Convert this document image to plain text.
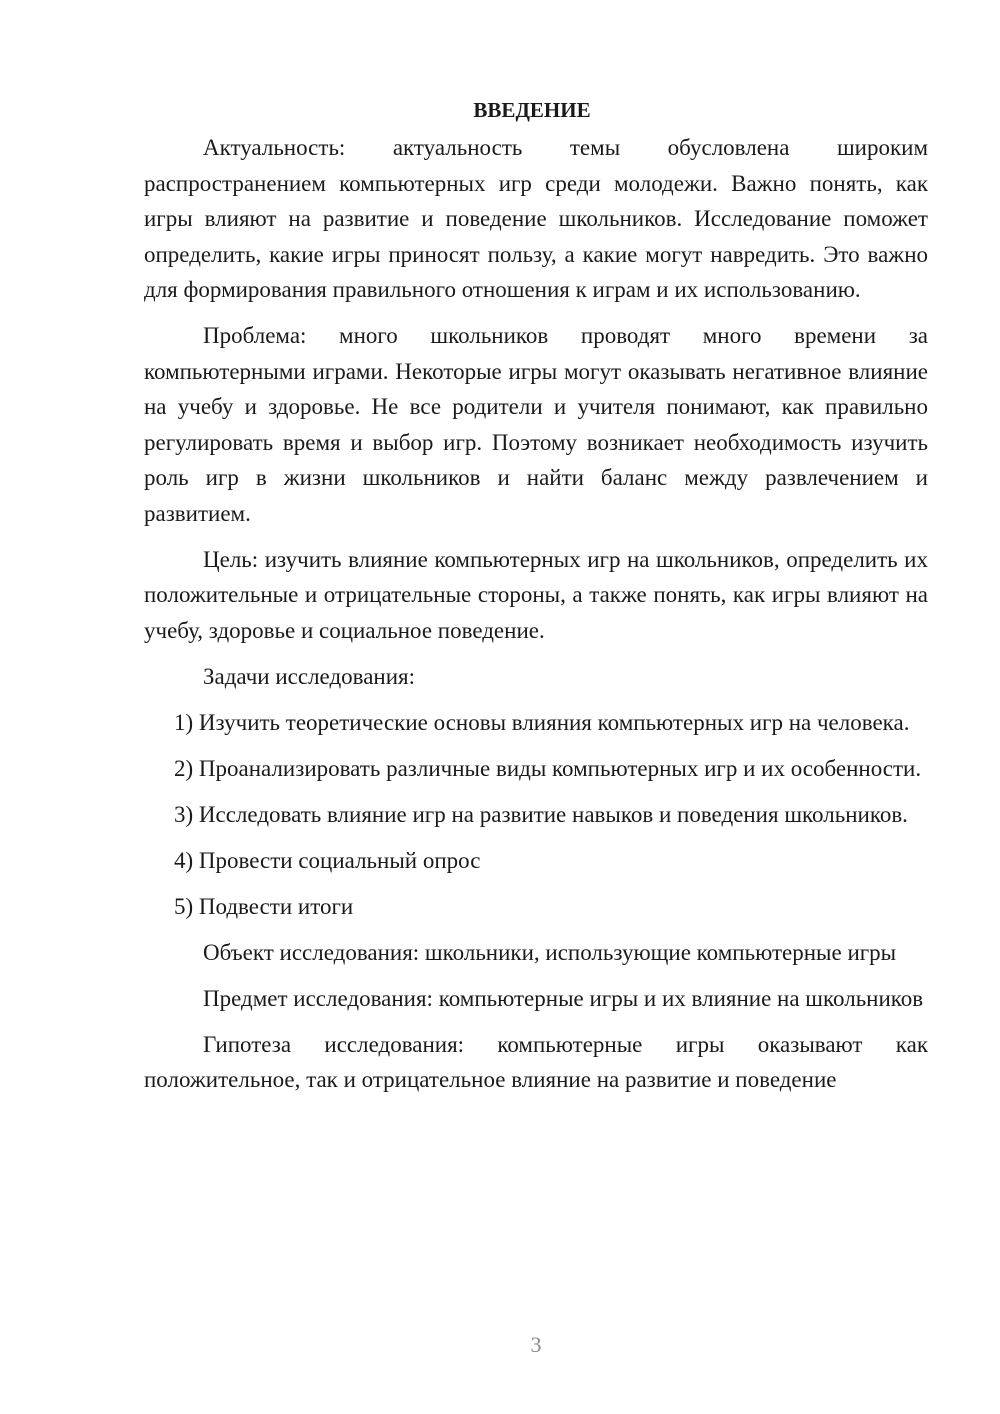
ВВЕДЕНИЕ

Актуальность: актуальность темы обусловлена широким распространением компьютерных игр среди молодежи. Важно понять, как игры влияют на развитие и поведение школьников. Исследование поможет определить, какие игры приносят пользу, а какие могут навредить. Это важно для формирования правильного отношения к играм и их использованию.

Проблема: много школьников проводят много времени за компьютерными играми. Некоторые игры могут оказывать негативное влияние на учебу и здоровье. Не все родители и учителя понимают, как правильно регулировать время и выбор игр. Поэтому возникает необходимость изучить роль игр в жизни школьников и найти баланс между развлечением и развитием.

Цель: изучить влияние компьютерных игр на школьников, определить их положительные и отрицательные стороны, а также понять, как игры влияют на учебу, здоровье и социальное поведение.

Задачи исследования:

1) Изучить теоретические основы влияния компьютерных игр на человека.

2) Проанализировать различные виды компьютерных игр и их особенности.

3) Исследовать влияние игр на развитие навыков и поведения школьников.

4) Провести социальный опрос

5) Подвести итоги

Объект исследования: школьники, использующие компьютерные игры

Предмет исследования: компьютерные игры и их влияние на школьников

Гипотеза исследования: компьютерные игры оказывают как положительное, так и отрицательное влияние на развитие и поведение

3
